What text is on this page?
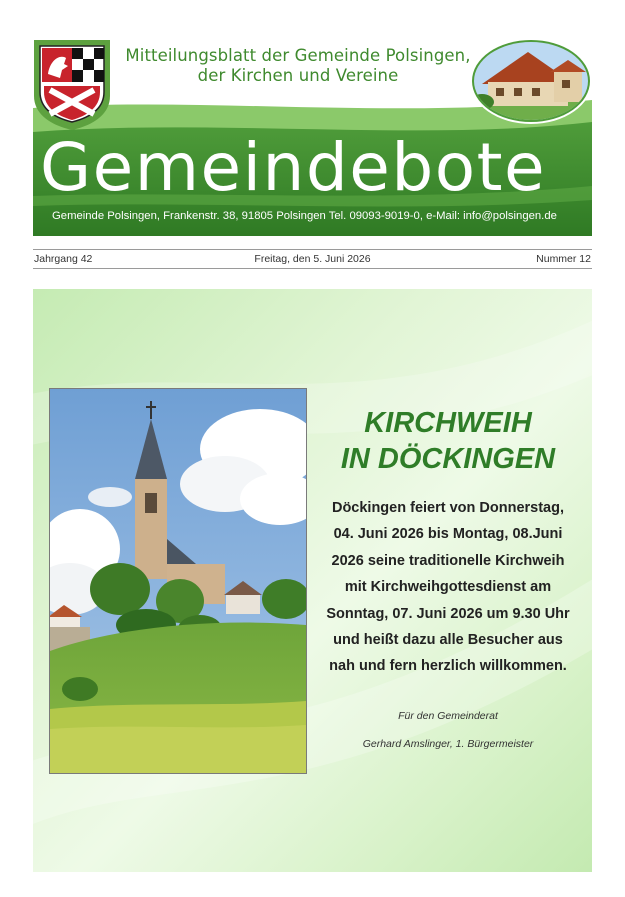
Mitteilungsblatt der Gemeinde Polsingen,
der Kirchen und Vereine
Gemeindebote
Gemeinde Polsingen, Frankenstr. 38, 91805 Polsingen Tel. 09093-9019-0, e-Mail: info@polsingen.de
Jahrgang 42	Freitag, den 5. Juni 2026	Nummer 12
KIRCHWEIH
IN DÖCKINGEN
Döckingen feiert von Donnerstag,
04. Juni 2026 bis Montag, 08.Juni
2026 seine traditionelle Kirchweih
mit Kirchweihgottesdienst am
Sonntag, 07. Juni 2026 um 9.30 Uhr
und heißt dazu alle Besucher aus
nah und fern herzlich willkommen.
Für den Gemeinderat
Gerhard Amslinger, 1. Bürgermeister
